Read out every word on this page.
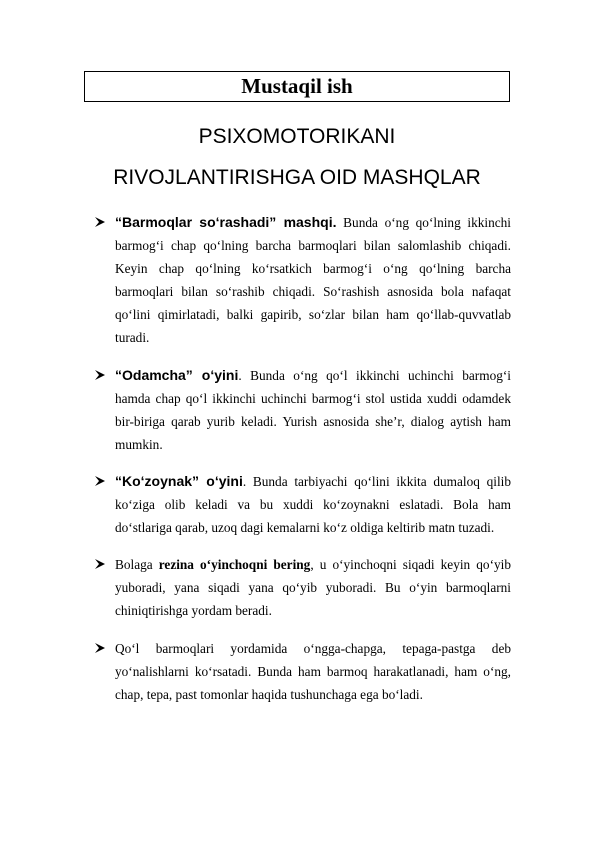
Mustaqil ish
PSIXOMOTORIKANI
RIVOJLANTIRISHGA OID MASHQLAR
“Barmoqlar so‘rashadi” mashqi. Bunda o‘ng qo‘lning ikkinchi barmog‘i chap qo‘lning barcha barmoqlari bilan salomlashib chiqadi. Keyin chap qo‘lning ko‘rsatkich barmog‘i o‘ng qo‘lning barcha barmoqlari bilan so‘rashib chiqadi. So‘rashish asnosida bola nafaqat qo‘lini qimirlatadi, balki gapirib, so‘zlar bilan ham qo‘llab-quvvatlab turadi.
“Odamcha” o‘yini. Bunda o‘ng qo‘l ikkinchi uchinchi barmog‘i hamda chap qo‘l ikkinchi uchinchi barmog‘i stol ustida xuddi odamdek bir-biriga qarab yurib keladi. Yurish asnosida she’r, dialog aytish ham mumkin.
“Ko‘zoynak” o‘yini. Bunda tarbiyachi qo‘lini ikkita dumaloq qilib ko‘ziga olib keladi va bu xuddi ko‘zoynakni eslatadi. Bola ham do‘stlariga qarab, uzoq dagi kemalarni ko‘z oldiga keltirib matn tuzadi.
Bolaga rezina o‘yinchoqni bering, u o‘yinchoqni siqadi keyin qo‘yib yuboradi, yana siqadi yana qo‘yib yuboradi. Bu o‘yin barmoqlarni chiniqtirishga yordam beradi.
Qo‘l barmoqlari yordamida o‘ngga-chapga, tepaga-pastga deb yo‘nalishlarni ko‘rsatadi. Bunda ham barmoq harakatlanadi, ham o‘ng, chap, tepa, past tomonlar haqida tushunchaga ega bo‘ladi.
